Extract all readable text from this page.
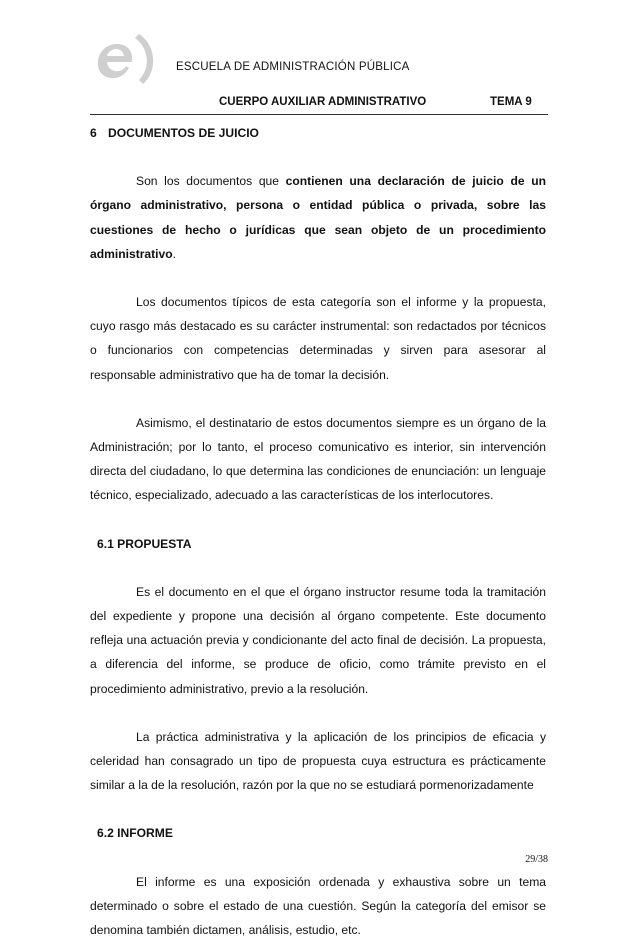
ESCUELA DE ADMINISTRACIÓN PÚBLICA
CUERPO AUXILIAR ADMINISTRATIVO	TEMA 9
6 DOCUMENTOS DE JUICIO

Son los documentos que contienen una declaración de juicio de un órgano administrativo, persona o entidad pública o privada, sobre las cuestiones de hecho o jurídicas que sean objeto de un procedimiento administrativo.

Los documentos típicos de esta categoría son el informe y la propuesta, cuyo rasgo más destacado es su carácter instrumental: son redactados por técnicos o funcionarios con competencias determinadas y sirven para asesorar al responsable administrativo que ha de tomar la decisión.

Asimismo, el destinatario de estos documentos siempre es un órgano de la Administración; por lo tanto, el proceso comunicativo es interior, sin intervención directa del ciudadano, lo que determina las condiciones de enunciación: un lenguaje técnico, especializado, adecuado a las características de los interlocutores.

6.1 PROPUESTA

Es el documento en el que el órgano instructor resume toda la tramitación del expediente y propone una decisión al órgano competente. Este documento refleja una actuación previa y condicionante del acto final de decisión. La propuesta, a diferencia del informe, se produce de oficio, como trámite previsto en el procedimiento administrativo, previo a la resolución.

La práctica administrativa y la aplicación de los principios de eficacia y celeridad han consagrado un tipo de propuesta cuya estructura es prácticamente similar a la de la resolución, razón por la que no se estudiará pormenorizadamente

6.2 INFORME

El informe es una exposición ordenada y exhaustiva sobre un tema determinado o sobre el estado de una cuestión. Según la categoría del emisor se denomina también dictamen, análisis, estudio, etc.

29/38
